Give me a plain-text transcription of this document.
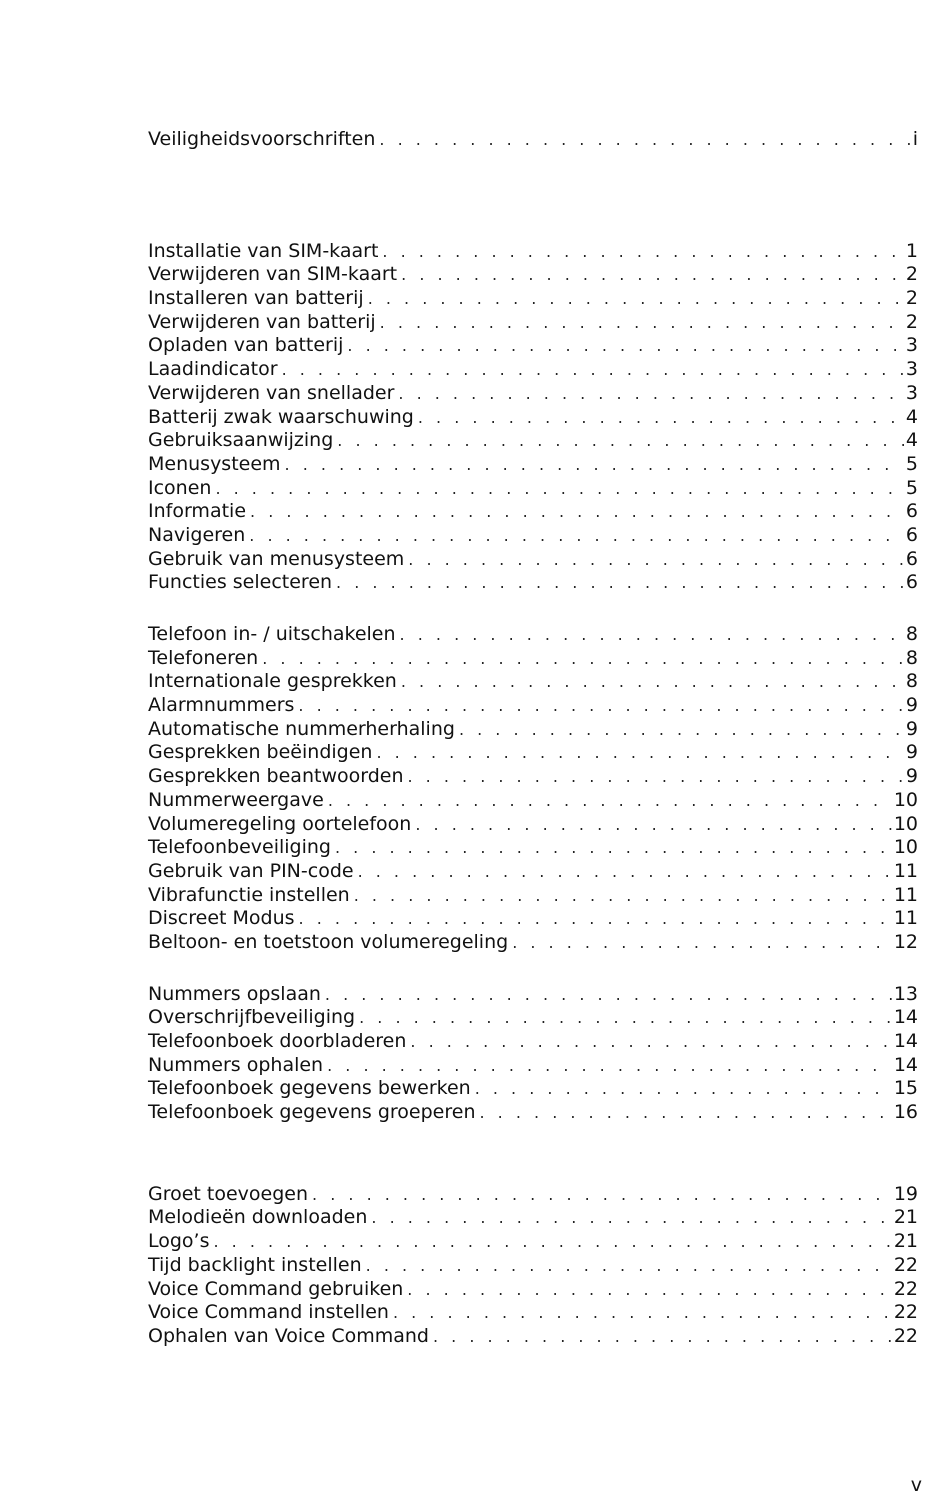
Veiligheidsvoorschriften . . .	i
Installatie van SIM-kaart . . .	1
Verwijderen van SIM-kaart . . .	2
Installeren van batterij . . .	2
Verwijderen van batterij . . .	2
Opladen van batterij . . .	3
Laadindicator . . .	3
Verwijderen van snellader . . .	3
Batterij zwak waarschuwing . . .	4
Gebruiksaanwijzing . . .	4
Menusysteem . . .	5
Iconen . . .	5
Informatie . . .	6
Navigeren . . .	6
Gebruik van menusysteem . . .	6
Functies selecteren . . .	6
Telefoon in- / uitschakelen . . .	8
Telefoneren . . .	8
Internationale gesprekken . . .	8
Alarmnummers . . .	9
Automatische nummerherhaling . . .	9
Gesprekken beëindigen . . .	9
Gesprekken beantwoorden . . .	9
Nummerweergave . . .	10
Volumeregeling oortelefoon . . .	10
Telefoonbeveiliging . . .	10
Gebruik van PIN-code . . .	11
Vibrafunctie instellen . . .	11
Discreet Modus . . .	11
Beltoon- en toetstoon volumeregeling . . .	12
Nummers opslaan . . .	13
Overschrijfbeveiliging . . .	14
Telefoonboek doorbladeren . . .	14
Nummers ophalen . . .	14
Telefoonboek gegevens bewerken . . .	15
Telefoonboek gegevens groeperen . . .	16
Groet toevoegen . . .	19
Melodieën downloaden . . .	21
Logo’s . . .	21
Tijd backlight instellen . . .	22
Voice Command gebruiken . . .	22
Voice Command instellen . . .	22
Ophalen van Voice Command . . .	22
v
